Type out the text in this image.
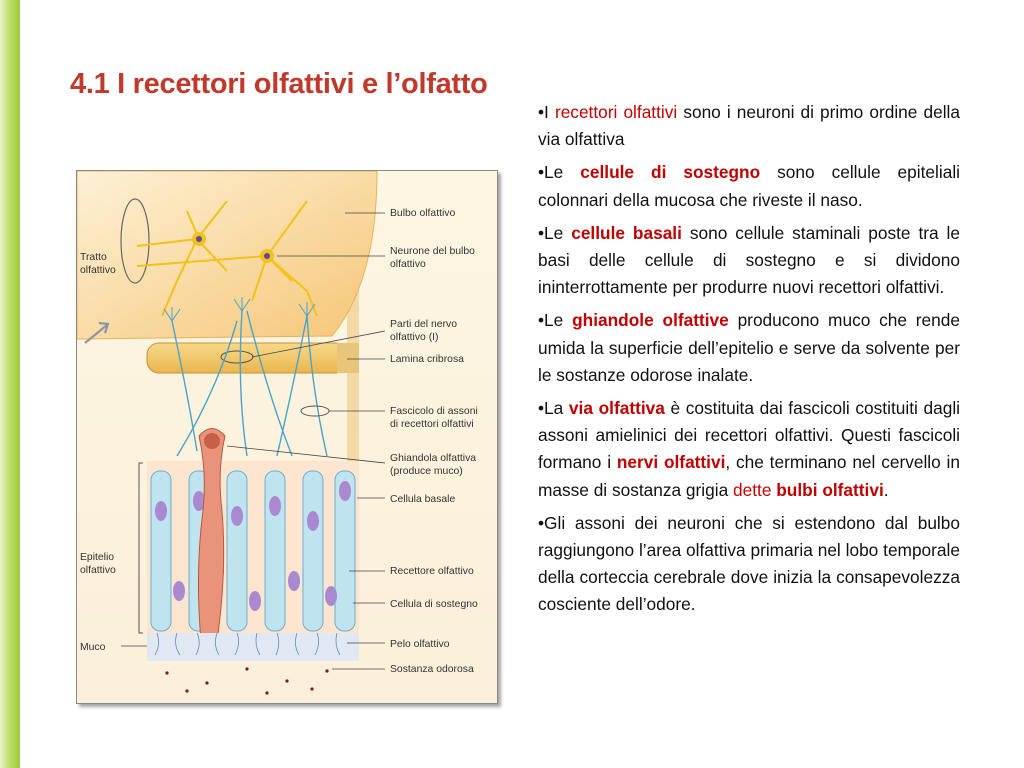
4.1 I recettori olfattivi e l’olfatto
Bulbo olfattivo
Neurone del bulbo
olfattivo
Parti del nervo
olfattivo (I)
Lamina cribrosa
Fascicolo di assoni
di recettori olfattivi
Ghiandola olfattiva
(produce muco)
Cellula basale
Recettore olfattivo
Cellula di sostegno
Pelo olfattivo
Sostanza odorosa
Tratto
olfattivo
Epitelio
olfattivo
Muco

•I recettori olfattivi sono i neuroni di primo ordine della via olfattiva

•Le cellule di sostegno sono cellule epiteliali colonnari della mucosa che riveste il naso.

•Le cellule basali sono cellule staminali poste tra le basi delle cellule di sostegno e si dividono ininterrottamente per produrre nuovi recettori olfattivi.

•Le ghiandole olfattive producono muco che rende umida la superficie dell’epitelio e serve da solvente per le sostanze odorose inalate.

•La via olfattiva è costituita dai fascicoli costituiti dagli assoni amielinici dei recettori olfattivi. Questi fascicoli formano i nervi olfattivi, che terminano nel cervello in masse di sostanza grigia dette bulbi olfattivi.

•Gli assoni dei neuroni che si estendono dal bulbo raggiungono l’area olfattiva primaria nel lobo temporale della corteccia cerebrale dove inizia la consapevolezza cosciente dell’odore.
